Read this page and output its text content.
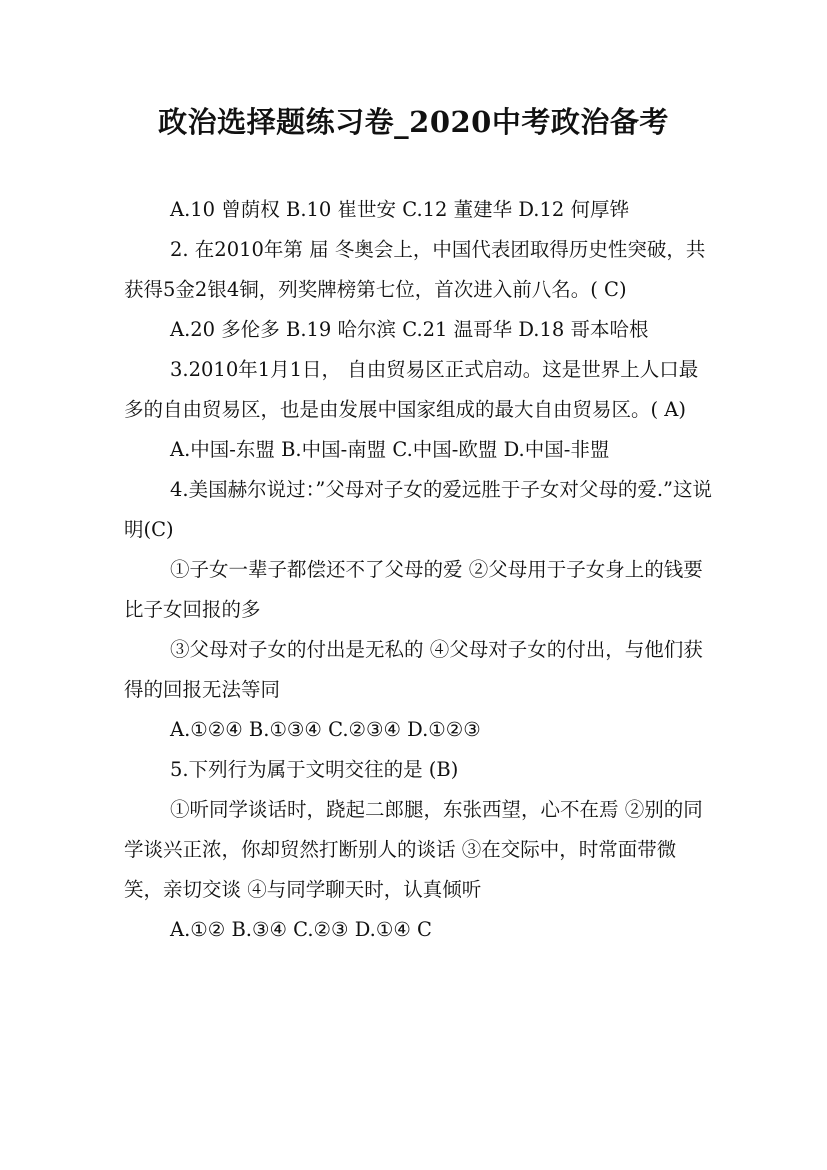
政治选择题练习卷_2020中考政治备考

A.10 曾荫权 B.10 崔世安 C.12 董建华 D.12 何厚铧

2. 在2010年第 届 冬奥会上，中国代表团取得历史性突破，共获得5金2银4铜，列奖牌榜第七位，首次进入前八名。( C)

A.20 多伦多 B.19 哈尔滨 C.21 温哥华 D.18 哥本哈根

3.2010年1月1日， 自由贸易区正式启动。这是世界上人口最多的自由贸易区，也是由发展中国家组成的最大自由贸易区。( A)

A.中国-东盟 B.中国-南盟 C.中国-欧盟 D.中国-非盟

4.美国赫尔说过：”父母对子女的爱远胜于子女对父母的爱.”这说明(C)

①子女一辈子都偿还不了父母的爱 ②父母用于子女身上的钱要比子女回报的多

③父母对子女的付出是无私的 ④父母对子女的付出，与他们获得的回报无法等同

A.①②④ B.①③④ C.②③④ D.①②③

5.下列行为属于文明交往的是 (B)

①听同学谈话时，跷起二郎腿，东张西望，心不在焉 ②别的同学谈兴正浓，你却贸然打断别人的谈话 ③在交际中，时常面带微笑，亲切交谈 ④与同学聊天时，认真倾听

A.①② B.③④ C.②③ D.①④ C
